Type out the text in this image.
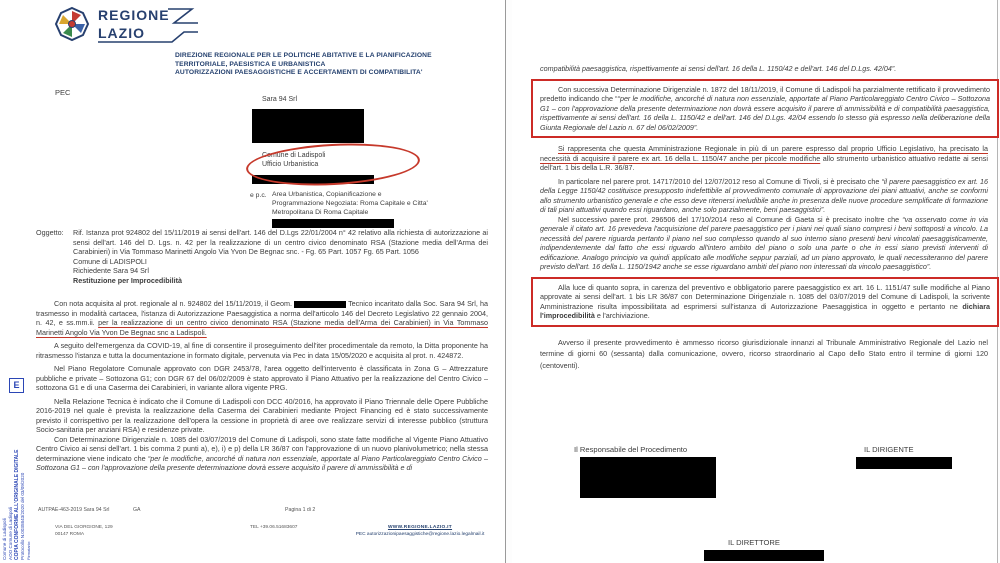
REGIONE
LAZIO
DIREZIONE REGIONALE PER LE POLITICHE ABITATIVE E LA PIANIFICAZIONE
TERRITORIALE, PAESISTICA E URBANISTICA
AUTORIZZAZIONI PAESAGGISTICHE E ACCERTAMENTI DI COMPATIBILITA'
PEC
Sara 94 Srl
Comune di Ladispoli
Ufficio Urbanistica
e p.c. Area Urbanistica, Copianificazione e
Programmazione Negoziata: Roma Capitale e Citta'
Metropolitana Di Roma Capitale
Oggetto: Rif. Istanza prot 924802 del 15/11/2019 ai sensi dell'art. 146 del D.Lgs 22/01/2004 n° 42 relativo alla richiesta di autorizzazione ai sensi dell'art. 146 del D. Lgs. n. 42 per la realizzazione di un centro civico denominato RSA (Stazione media dell'Arma dei Carabinieri) in Via Tommaso Marinetti Angolo Via Yvon De Begnac snc. - Fg. 65 Part. 1057 Fg. 65 Part. 1056
Comune di LADISPOLI
Richiedente Sara 94 Srl
Restituzione per Improcedibilità

Con nota acquisita al prot. regionale al n. 924802 del 15/11/2019, il Geom.	Tecnico incaritato dalla Soc. Sara 94 Srl, ha trasmesso in modalità cartacea, l'istanza di Autorizzazione Paesaggistica a norma dell'articolo 146 del Decreto Legislativo 22 gennaio 2004, n. 42, e ss.mm.ii. per la realizzazione di un centro civico denominato RSA (Stazione media dell'Arma dei Carabinieri) in Via Tommaso Marinetti Angolo Via Yvon De Begnac snc a Ladispoli.

A seguito dell'emergenza da COVID-19, al fine di consentire il proseguimento dell'iter procedimentale da remoto, la Ditta proponente ha ritrasmesso l'istanza e tutta la documentazione in formato digitale, pervenuta via Pec in data 15/05/2020 e acquisita al prot. n. 424872.

Nel Piano Regolatore Comunale approvato con DGR 2453/78, l'area oggetto dell'intervento è classificata in Zona G – Attrezzature pubbliche e private – Sottozona G1; con DGR 67 del 06/02/2009 è stato approvato il Piano Attuativo per la realizzazione del Centro Civico – sottozona G1 e di una Caserma dei Carabinieri, in variante allora vigente PRG.

Nella Relazione Tecnica è indicato che il Comune di Ladispoli con DCC 40/2016, ha approvato il Piano Triennale delle Opere Pubbliche 2016-2019 nel quale è prevista la realizzazione della Caserma dei Carabinieri mediante Project Financing ed è stato successivamente previsto il corrispettivo per la realizzazione dell'opera la cessione in proprietà di aree ove realizzare servizi di interesse pubblico (struttura Socio-sanitaria per anziani RSA) e residenze private.

Con Determinazione Dirigenziale n. 1085 del 03/07/2019 del Comune di Ladispoli, sono state fatte modifiche al Vigente Piano Attuativo Centro Civico ai sensi dell'art. 1 bis comma 2 punti a), e), i) e p) della LR 36/87 con l'approvazione di un nuovo planivolumetrico; nella stessa determinazione viene indicato che “per le modifiche, ancorché di natura non essenziale, apportate al Piano Particolareggiato Centro Civico – Sottozona G1 – con l'approvazione della presente determinazione dovrà essere acquisito il parere di ammissibilità e di

E
Comune di Ladispoli AOO Comune di Ladispoli COPIA CONFORME ALL'ORIGINALE DIGITALE Protocollo N.0035843/2020 del 03/09/2020 Firmatario:
AUTPAE-463-2019 Sara 94 Srl	GA	Pagina 1 di 2
VIA DEL GIORGIONE, 129
00147 ROMA
TEL +39.06.51683607	WWW.REGIONE.LAZIO.IT
PEC autorizzazionipaesaggistiche@regione.lazio.legalmail.it

compatibilità paesaggistica, rispettivamente ai sensi dell'art. 16 della L. 1150/42 e dell'art. 146 del D.Lgs. 42/04”.

Con successiva Determinazione Dirigenziale n. 1872 del 18/11/2019, il Comune di Ladispoli ha parzialmente rettificato il provvedimento predetto indicando che ““per le modifiche, ancorché di natura non essenziale, apportate al Piano Particolareggiato Centro Civico – Sottozona G1 – con l'approvazione della presente determinazione non dovrà essere acquisito il parere di ammissibilità e di compatibilità paesaggistica, rispettivamente ai sensi dell'art. 16 della L. 1150/42 e dell'art. 146 del D.Lgs. 42/04 essendo lo stesso già espresso nella deliberazione della Giunta Regionale del Lazio n. 67 del 06/02/2009”.

Si rappresenta che questa Amministrazione Regionale in più di un parere espresso dal proprio Ufficio Legislativo, ha precisato la necessità di acquisire il parere ex art. 16 della L. 1150/47 anche per piccole modifiche allo strumento urbanistico attuativo redatte ai sensi dell'art. 1 bis della L.R. 36/87.

In particolare nel parere prot. 14717/2010 del 12/07/2012 reso al Comune di Tivoli, si è precisato che “il parere paesaggistico ex art. 16 della Legge 1150/42 costituisce presupposto indefettibile al provvedimento comunale di approvazione dei piani attuativi, anche se conformi allo strumento urbanistico generale e che esso deve ritenersi ineludibile anche in presenza delle nuove procedure semplificate di formazione di tali piani attuativi quando essi riguardano, anche solo parzialmente, beni paesaggistici”.

Nel successivo parere prot. 296506 del 17/10/2014 reso al Comune di Gaeta si è precisato inoltre che “va osservato come in via generale il citato art. 16 prevedeva l'acquisizione del parere paesaggistico per i piani nei quali siano compresi i beni sottoposti a vincolo. La necessità del parere riguarda pertanto il piano nel suo complesso quando al suo interno siano presenti beni vincolati paesaggisticamente, indipendentemente dal fatto che essi riguardo all'intero ambito del piano o solo una parte o che in essi siano previsti interventi di edificazione. Analogo principio va quindi applicato alle modifiche seppur parziali, ad un piano approvato, le quali necessiteranno del parere previsto dell'art. 16 della L. 1150/1942 anche se esse riguardano ambiti del piano non interessati da vincolo paesaggistico”.

Alla luce di quanto sopra, in carenza del preventivo e obbligatorio parere paesaggistico ex art. 16 L. 1151/47 sulle modifiche al Piano approvate ai sensi dell'art. 1 bis LR 36/87 con Determinazione Dirigenziale n. 1085 del 03/07/2019 del Comune di Ladispoli, la scrivente Amministrazione risulta impossibilitata ad esprimersi sull'istanza di Autorizzazione Paesaggistica in oggetto e pertanto ne dichiara l'improcedibilità e l'archiviazione.

Avverso il presente provvedimento è ammesso ricorso giurisdizionale innanzi al Tribunale Amministrativo Regionale del Lazio nel termine di giorni 60 (sessanta) dalla comunicazione, ovvero, ricorso straordinario al Capo dello Stato entro il termine di giorni 120 (centoventi).

Il Responsabile del Procedimento	IL DIRIGENTE
IL DIRETTORE
